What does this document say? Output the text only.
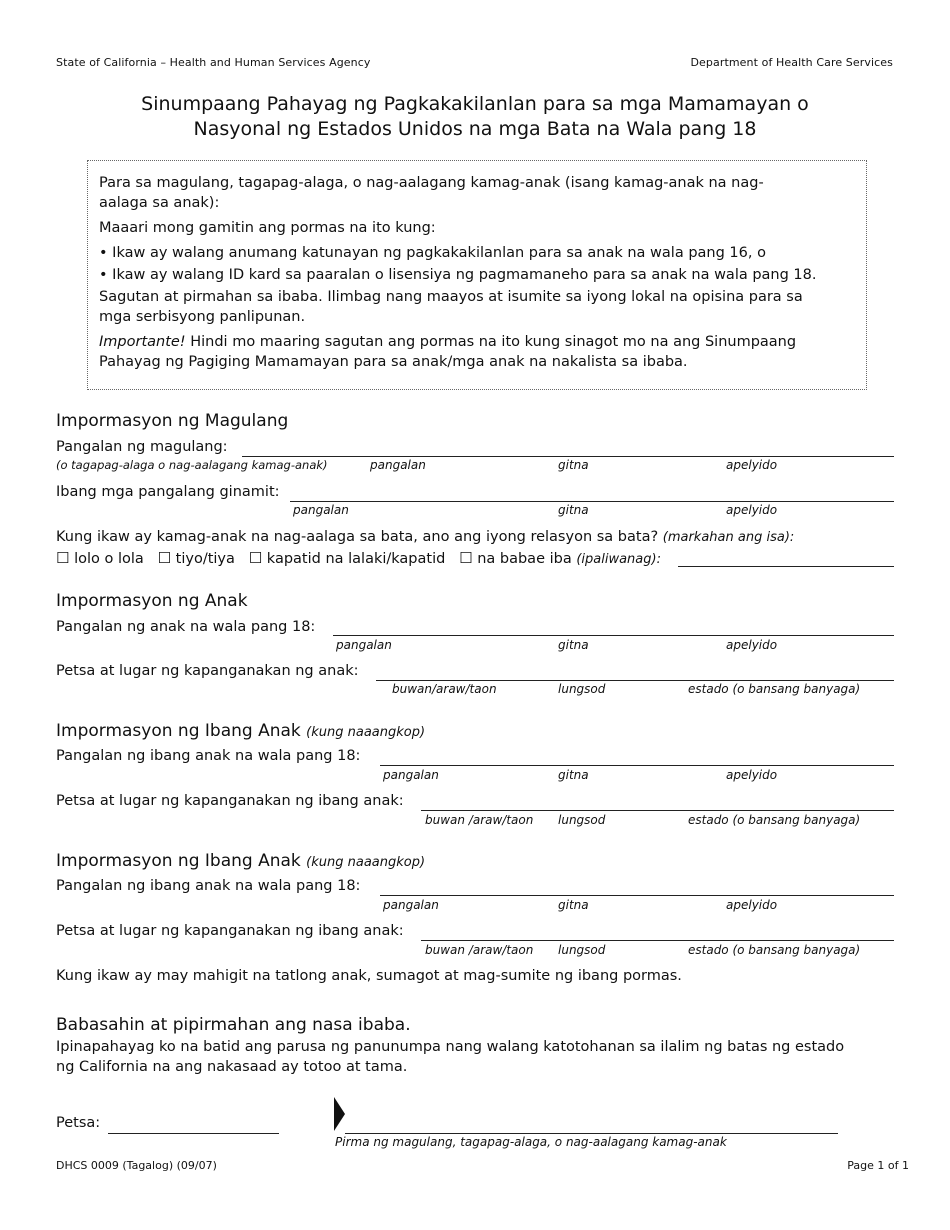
State of California – Health and Human Services Agency	Department of Health Care Services
Sinumpaang Pahayag ng Pagkakakilanlan para sa mga Mamamayan o
Nasyonal ng Estados Unidos na mga Bata na Wala pang 18

Para sa magulang, tagapag-alaga, o nag-aalagang kamag-anak (isang kamag-anak na nag-aalaga sa anak):

Maaari mong gamitin ang pormas na ito kung:

• Ikaw ay walang anumang katunayan ng pagkakakilanlan para sa anak na wala pang 16, o

• Ikaw ay walang ID kard sa paaralan o lisensiya ng pagmamaneho para sa anak na wala pang 18.

Sagutan at pirmahan sa ibaba. Ilimbag nang maayos at isumite sa iyong lokal na opisina para sa mga serbisyong panlipunan.

Importante! Hindi mo maaring sagutan ang pormas na ito kung sinagot mo na ang Sinumpaang Pahayag ng Pagiging Mamamayan para sa anak/mga anak na nakalista sa ibaba.

Impormasyon ng Magulang
Pangalan ng magulang:
(o tagapag-alaga o nag-aalagang kamag-anak)	pangalan	gitna	apelyido
Ibang mga pangalang ginamit:
pangalan	gitna	apelyido
Kung ikaw ay kamag-anak na nag-aalaga sa bata, ano ang iyong relasyon sa bata? (markahan ang isa):
☐ lolo o lola ☐ tiyo/tiya ☐ kapatid na lalaki/kapatid ☐ na babae iba (ipaliwanag):
Impormasyon ng Anak
Pangalan ng anak na wala pang 18:
pangalan	gitna	apelyido
Petsa at lugar ng kapanganakan ng anak:
buwan/araw/taon	lungsod	estado (o bansang banyaga)
Impormasyon ng Ibang Anak (kung naaangkop)
Pangalan ng ibang anak na wala pang 18:
pangalan	gitna	apelyido
Petsa at lugar ng kapanganakan ng ibang anak:
buwan /araw/taon lungsod	estado (o bansang banyaga)
Impormasyon ng Ibang Anak (kung naaangkop)
Pangalan ng ibang anak na wala pang 18:
pangalan	gitna	apelyido
Petsa at lugar ng kapanganakan ng ibang anak:
buwan /araw/taon lungsod	estado (o bansang banyaga)
Kung ikaw ay may mahigit na tatlong anak, sumagot at mag-sumite ng ibang pormas.
Babasahin at pipirmahan ang nasa ibaba.
Ipinapahayag ko na batid ang parusa ng panunumpa nang walang katotohanan sa ilalim ng batas ng estado
ng California na ang nakasaad ay totoo at tama.
Petsa:
Pirma ng magulang, tagapag-alaga, o nag-aalagang kamag-anak
DHCS 0009 (Tagalog) (09/07)	Page 1 of 1
